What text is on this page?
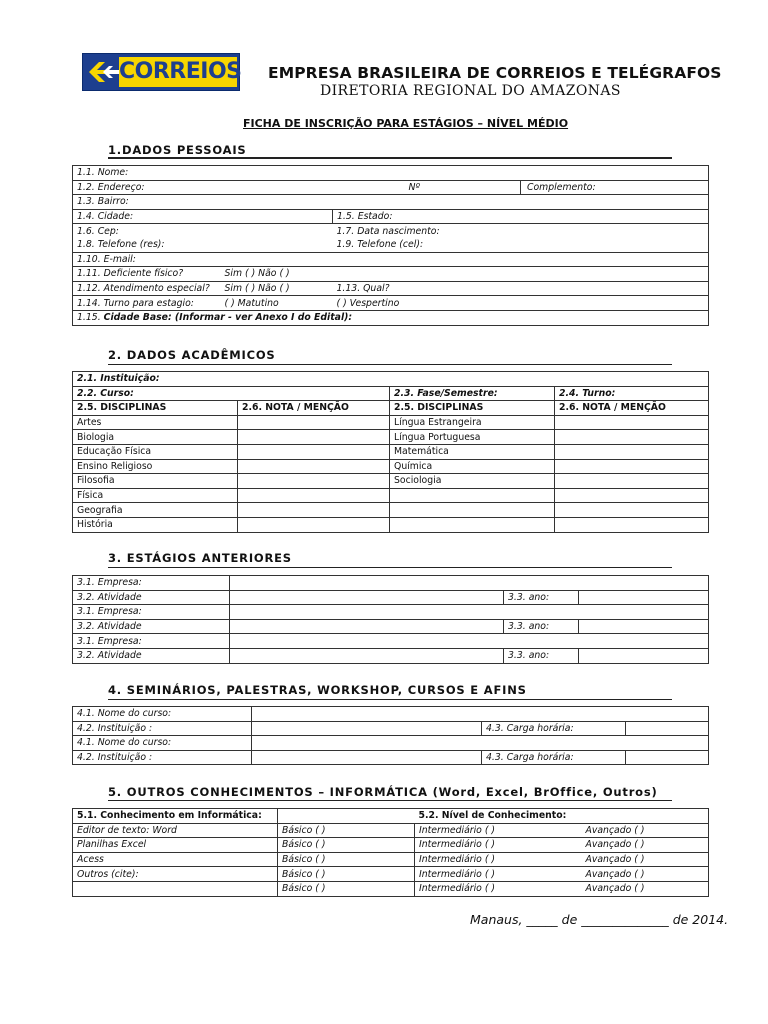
CORREIOS EMPRESA BRASILEIRA DE CORREIOS E TELÉGRAFOS
DIRETORIA REGIONAL DO AMAZONAS
FICHA DE INSCRIÇÃO PARA ESTÁGIOS – NÍVEL MÉDIO
1.DADOS PESSOAIS
1.1. Nome:			
1.2. Endereço:		Nº	Complemento:
1.3. Bairro:			
1.4. Cidade:		1.5. Estado:	
1.6. Cep:		1.7. Data nascimento:	
1.8. Telefone (res):		1.9. Telefone (cel):	
1.10. E-mail:			
1.11. Deficiente físico?	Sim ( ) Não ( )		
1.12. Atendimento especial?	Sim ( ) Não ( )	1.13. Qual?	
1.14. Turno para estagio:	( ) Matutino	( ) Vespertino	
1.15. Cidade Base: (Informar - ver Anexo I do Edital):			
2. DADOS ACADÊMICOS
2.1. Instituição:			
2.2. Curso:		2.3. Fase/Semestre:	2.4. Turno:
2.5. DISCIPLINAS	2.6. NOTA / MENÇÃO	2.5. DISCIPLINAS	2.6. NOTA / MENÇÃO
Artes		Língua Estrangeira	
Biologia		Língua Portuguesa	
Educação Física		Matemática	
Ensino Religioso		Química	
Filosofia		Sociologia	
Física			
Geografia			
História			
3. ESTÁGIOS ANTERIORES
3.1. Empresa:			
3.2. Atividade		3.3. ano:	
3.1. Empresa:			
3.2. Atividade		3.3. ano:	
3.1. Empresa:			
3.2. Atividade		3.3. ano:	
4. SEMINÁRIOS, PALESTRAS, WORKSHOP, CURSOS E AFINS
4.1. Nome do curso:			
4.2. Instituição :		4.3. Carga horária:	
4.1. Nome do curso:			
4.2. Instituição :		4.3. Carga horária:	
5. OUTROS CONHECIMENTOS – INFORMÁTICA (Word, Excel, BrOffice, Outros)
5.1. Conhecimento em Informática:		5.2. Nível de Conhecimento:	
Editor de texto: Word	Básico ( )	Intermediário ( )	Avançado ( )
Planilhas Excel	Básico ( )	Intermediário ( )	Avançado ( )
Acess	Básico ( )	Intermediário ( )	Avançado ( )
Outros (cite):	Básico ( )	Intermediário ( )	Avançado ( )
	Básico ( )	Intermediário ( )	Avançado ( )
Manaus, _____ de ______________ de 2014.
